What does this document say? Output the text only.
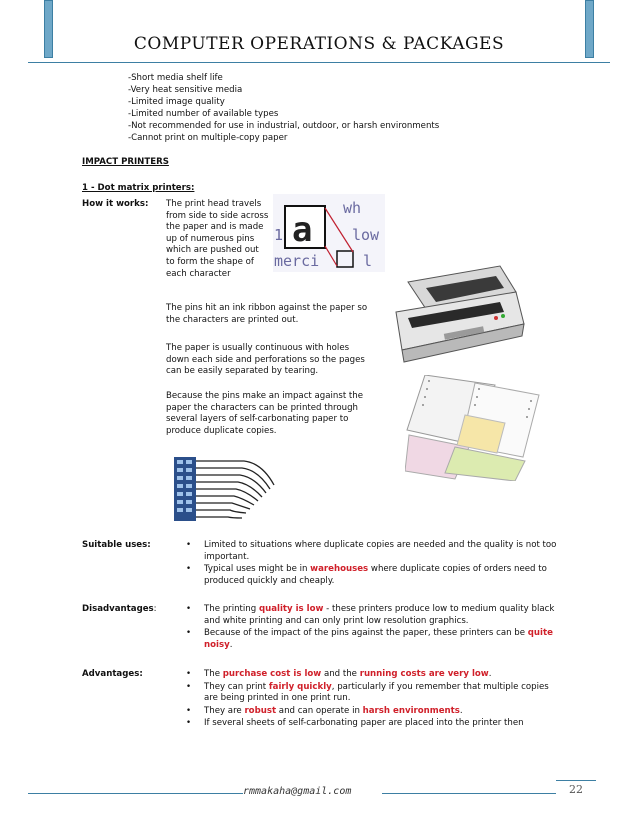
COMPUTER OPERATIONS & PACKAGES
-Short media shelf life
-Very heat sensitive media
-Limited image quality
-Limited number of available types
-Not recommended for use in industrial, outdoor, or harsh environments
-Cannot print on multiple-copy paper
IMPACT PRINTERS
1 - Dot matrix printers:
How it works: The print head travels from side to side across the paper and is made up of numerous pins which are pushed out to form the shape of each character
The pins hit an ink ribbon against the paper so the characters are printed out.
The paper is usually continuous with holes down each side and perforations so the pages can be easily separated by tearing.
Because the pins make an impact against the paper the characters can be printed through several layers of self-carbonating paper to produce duplicate copies.
wh
1	low
merci	l
a
Suitable uses:	• Limited to situations where duplicate copies are needed and the quality is not too important.
• Typical uses might be in warehouses where duplicate copies of orders need to produced quickly and cheaply.
Disadvantages:	• The printing quality is low - these printers produce low to medium quality black and white printing and can only print low resolution graphics.
• Because of the impact of the pins against the paper, these printers can be quite noisy.
Advantages:	• The purchase cost is low and the running costs are very low.
• They can print fairly quickly, particularly if you remember that multiple copies are being printed in one print run.
• They are robust and can operate in harsh environments.
• If several sheets of self-carbonating paper are placed into the printer then
rmmakaha@gmail.com	22
